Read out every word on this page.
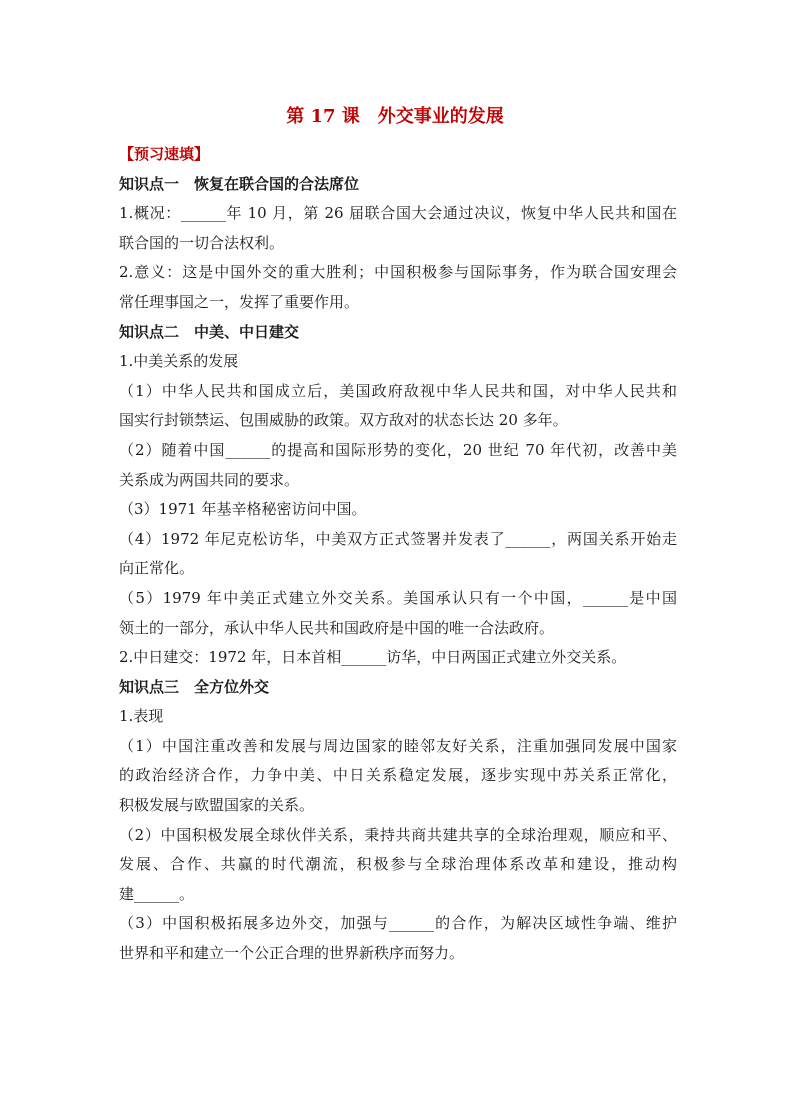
第 17 课　外交事业的发展
【预习速填】
知识点一　恢复在联合国的合法席位
1.概况：______年 10 月，第 26 届联合国大会通过决议，恢复中华人民共和国在
联合国的一切合法权利。
2.意义：这是中国外交的重大胜利；中国积极参与国际事务，作为联合国安理会
常任理事国之一，发挥了重要作用。
知识点二　中美、中日建交
1.中美关系的发展
（1）中华人民共和国成立后，美国政府敌视中华人民共和国，对中华人民共和
国实行封锁禁运、包围威胁的政策。双方敌对的状态长达 20 多年。
（2）随着中国______的提高和国际形势的变化，20 世纪 70 年代初，改善中美
关系成为两国共同的要求。
（3）1971 年基辛格秘密访问中国。
（4）1972 年尼克松访华，中美双方正式签署并发表了______，两国关系开始走
向正常化。
（5）1979 年中美正式建立外交关系。美国承认只有一个中国，______是中国
领土的一部分，承认中华人民共和国政府是中国的唯一合法政府。
2.中日建交：1972 年，日本首相______访华，中日两国正式建立外交关系。
知识点三　全方位外交
1.表现
（1）中国注重改善和发展与周边国家的睦邻友好关系，注重加强同发展中国家
的政治经济合作，力争中美、中日关系稳定发展，逐步实现中苏关系正常化，
积极发展与欧盟国家的关系。
（2）中国积极发展全球伙伴关系，秉持共商共建共享的全球治理观，顺应和平、
发展、合作、共赢的时代潮流，积极参与全球治理体系改革和建设，推动构
建______。
（3）中国积极拓展多边外交，加强与______的合作，为解决区域性争端、维护
世界和平和建立一个公正合理的世界新秩序而努力。
